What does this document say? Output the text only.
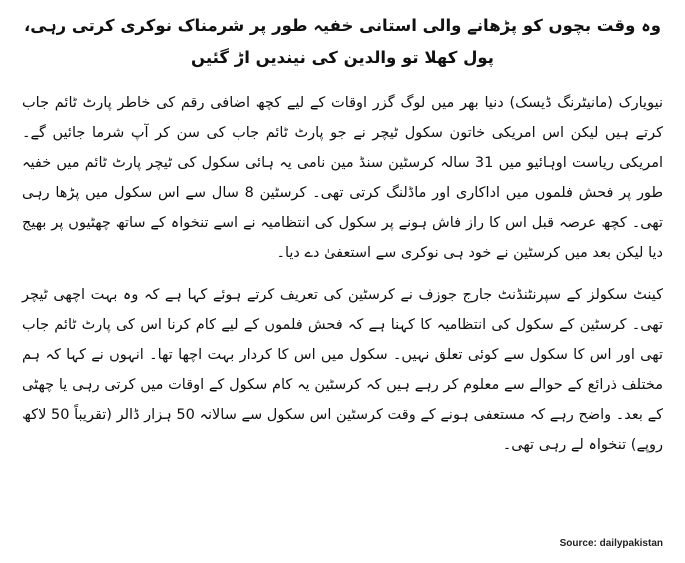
وہ وقت بچوں کو پڑھانے والی استانی خفیہ طور پر شرمناک نوکری کرتی رہی، پول کھلا تو والدین کی نیندیں اڑ گئیں

نیویارک (مانیٹرنگ ڈیسک) دنیا بھر میں لوگ گزر اوقات کے لیے کچھ اضافی رقم کی خاطر پارٹ ٹائم جاب کرتے ہیں لیکن اس امریکی خاتون سکول ٹیچر نے جو پارٹ ٹائم جاب کی سن کر آپ شرما جائیں گے۔ امریکی ریاست اوہائیو میں 31 سالہ کرسٹین سنڈ مین نامی یہ ہائی سکول کی ٹیچر پارٹ ٹائم میں خفیہ طور پر فحش فلموں میں اداکاری اور ماڈلنگ کرتی تھی۔ کرسٹین 8 سال سے اس سکول میں پڑھا رہی تھی۔ کچھ عرصہ قبل اس کا راز فاش ہونے پر سکول کی انتظامیہ نے اسے تنخواہ کے ساتھ چھٹیوں پر بھیج دیا لیکن بعد میں کرسٹین نے خود ہی نوکری سے استعفیٰ دے دیا۔

کینٹ سکولز کے سپرنٹنڈنٹ جارج جوزف نے کرسٹین کی تعریف کرتے ہوئے کہا ہے کہ وہ بہت اچھی ٹیچر تھی۔ کرسٹین کے سکول کی انتظامیہ کا کہنا ہے کہ فحش فلموں کے لیے کام کرنا اس کی پارٹ ٹائم جاب تھی اور اس کا سکول سے کوئی تعلق نہیں۔ سکول میں اس کا کردار بہت اچھا تھا۔ انہوں نے کہا کہ ہم مختلف ذرائع کے حوالے سے معلوم کر رہے ہیں کہ کرسٹین یہ کام سکول کے اوقات میں کرتی رہی یا چھٹی کے بعد۔ واضح رہے کہ مستعفی ہونے کے وقت کرسٹین اس سکول سے سالانہ 50 ہزار ڈالر (تقریباً 50 لاکھ روپے) تنخواہ لے رہی تھی۔

Source: dailypakistan
